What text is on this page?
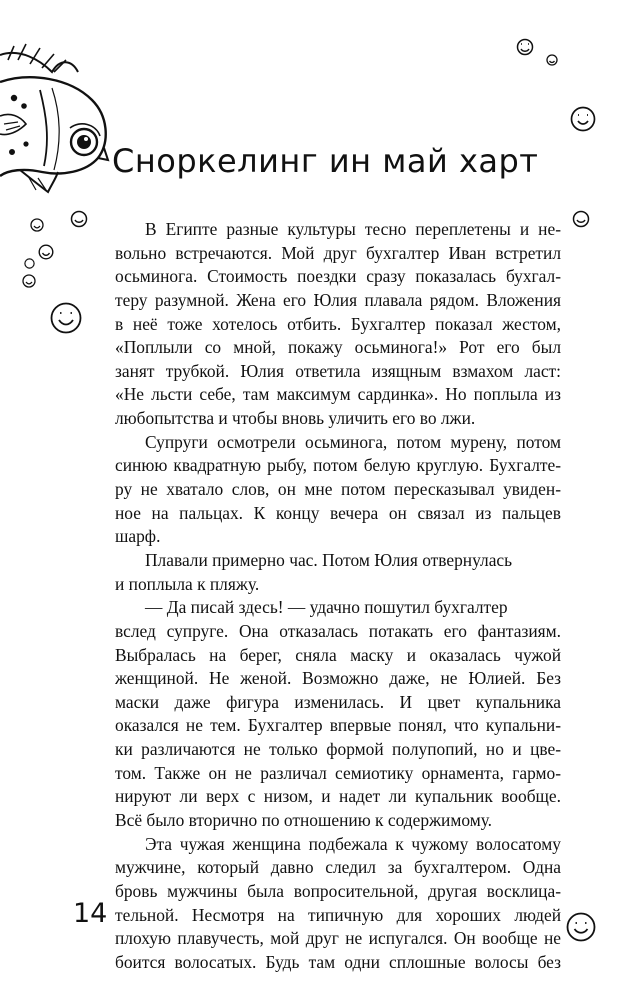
Сноркелинг ин май харт
В Египте разные культуры тесно переплетены и не-
вольно встречаются. Мой друг бухгалтер Иван встретил
осьминога. Стоимость поездки сразу показалась бухгал-
теру разумной. Жена его Юлия плавала рядом. Вложения
в неё тоже хотелось отбить. Бухгалтер показал жестом,
«Поплыли со мной, покажу осьминога!» Рот его был
занят трубкой. Юлия ответила изящным взмахом ласт:
«Не льсти себе, там максимум сардинка». Но поплыла из
любопытства и чтобы вновь уличить его во лжи.
Супруги осмотрели осьминога, потом мурену, потом
синюю квадратную рыбу, потом белую круглую. Бухгалте-
ру не хватало слов, он мне потом пересказывал увиден-
ное на пальцах. К концу вечера он связал из пальцев
шарф.
Плавали примерно час. Потом Юлия отвернулась
и поплыла к пляжу.
— Да писай здесь! — удачно пошутил бухгалтер
вслед супруге. Она отказалась потакать его фантазиям.
Выбралась на берег, сняла маску и оказалась чужой
женщиной. Не женой. Возможно даже, не Юлией. Без
маски даже фигура изменилась. И цвет купальника
оказался не тем. Бухгалтер впервые понял, что купальни-
ки различаются не только формой полупопий, но и цве-
том. Также он не различал семиотику орнамента, гармо-
нируют ли верх с низом, и надет ли купальник вообще.
Всё было вторично по отношению к содержимому.
Эта чужая женщина подбежала к чужому волосатому
мужчине, который давно следил за бухгалтером. Одна
бровь мужчины была вопросительной, другая восклица-
тельной. Несмотря на типичную для хороших людей
плохую плавучесть, мой друг не испугался. Он вообще не
боится волосатых. Будь там одни сплошные волосы без
14
